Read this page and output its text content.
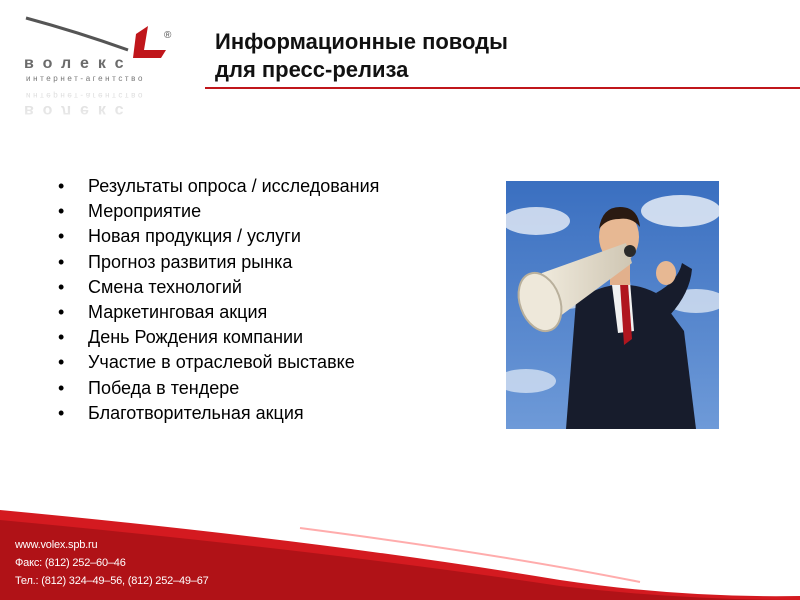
®
волекс
интернет-агентство
Информационные поводы
для пресс-релиза
• Результаты опроса / исследования
• Мероприятие
• Новая продукция / услуги
• Прогноз развития рынка
• Смена технологий
• Маркетинговая акция
• День Рождения компании
• Участие в отраслевой выставке
• Победа в тендере
• Благотворительная акция
www.volex.spb.ru
Факс: (812) 252–60–46
Тел.: (812) 324–49–56, (812) 252–49–67
